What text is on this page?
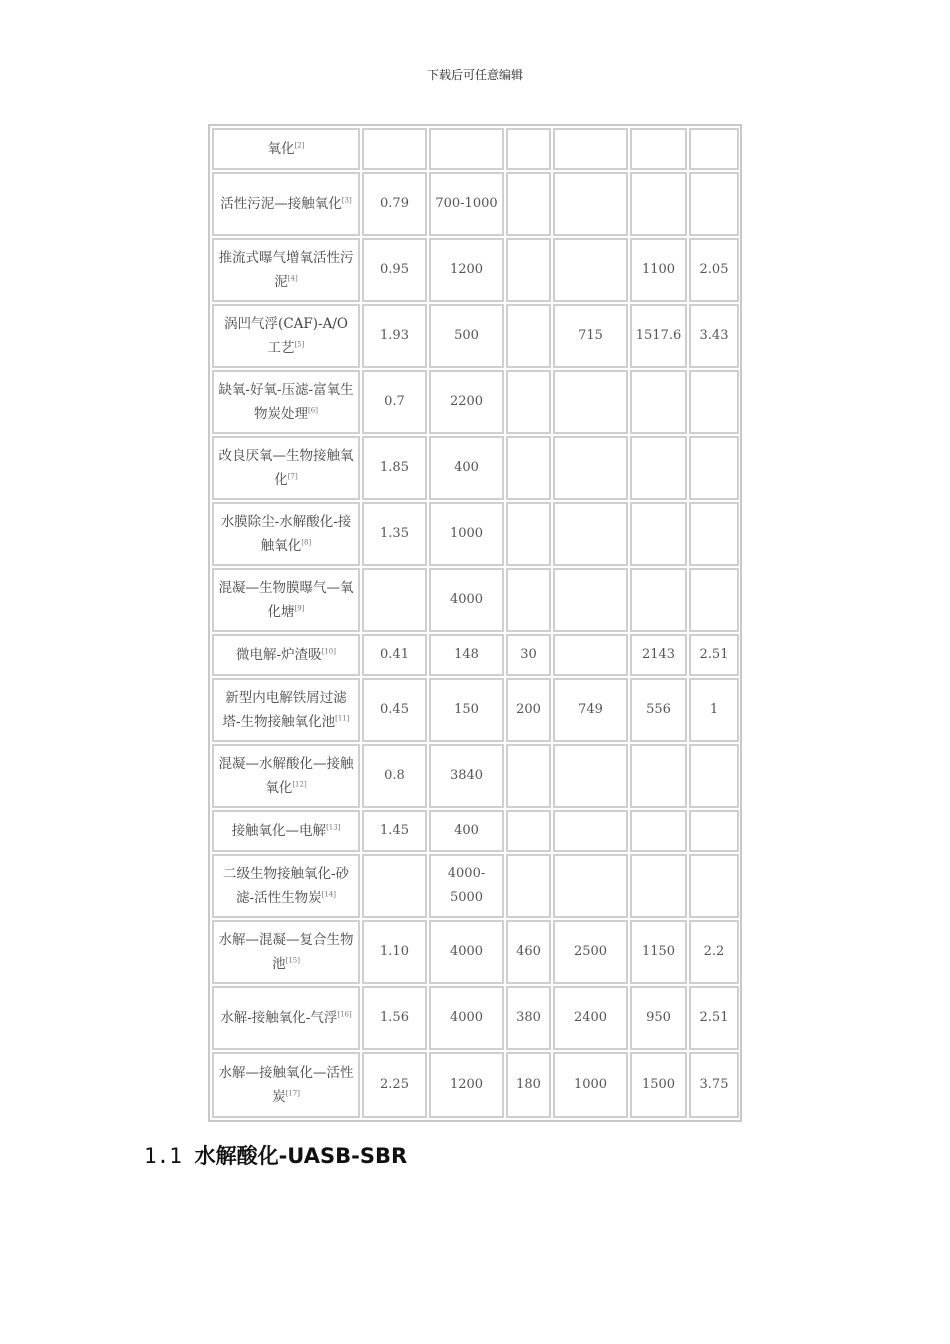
下载后可任意编辑
氧化[2]						
活性污泥—接触氧化[3]	0.79	700-1000				
推流式曝气增氧活性污泥[4]	0.95	1200			1100	2.05
涡凹气浮(CAF)-A/O工艺[5]	1.93	500		715	1517.6	3.43
缺氧-好氧-压滤-富氧生物炭处理[6]	0.7	2200				
改良厌氧—生物接触氧化[7]	1.85	400				
水膜除尘-水解酸化-接触氧化[8]	1.35	1000				
混凝—生物膜曝气—氧化塘[9]		4000				
微电解-炉渣吸[10]	0.41	148	30		2143	2.51
新型内电解铁屑过滤塔-生物接触氧化池[11]	0.45	150	200	749	556	1
混凝—水解酸化—接触氧化[12]	0.8	3840				
接触氧化—电解[13]	1.45	400				
二级生物接触氧化-砂滤-活性生物炭[14]		4000-5000				
水解—混凝—复合生物池[15]	1.10	4000	460	2500	1150	2.2
水解-接触氧化-气浮[16]	1.56	4000	380	2400	950	2.51
水解—接触氧化—活性炭[17]	2.25	1200	180	1000	1500	3.75
1.1 水解酸化-UASB-SBR
